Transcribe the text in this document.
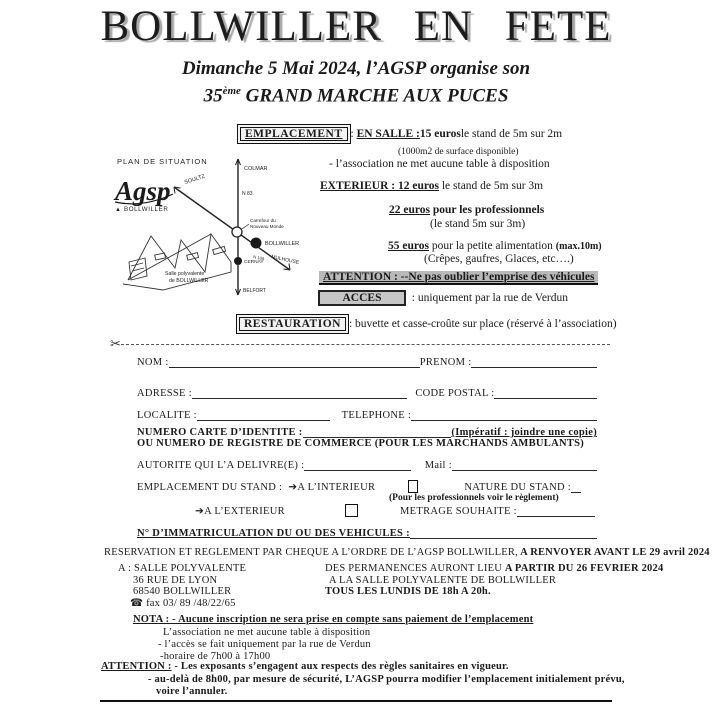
BOLLWILLER EN FETE
Dimanche 5 Mai 2024, l’AGSP organise son
35ème GRAND MARCHE AUX PUCES
PLAN DE SITUATION
Agsp
▲ BOLLWILLER
COLMAR
N 83
BELFORT
SOULTZ
Carrefour du
Nouveau Monde
BOLLWILLER
N 109 MULHOUSE
CERNAY
Salle polyvalente
de BOLLWILLER
EMPLACEMENT :
EN SALLE : 15 euros le stand de 5m sur 2m
(1000m2 de surface disponible)
- l’association ne met aucune table à disposition
EXTERIEUR : 12 euros le stand de 5m sur 3m
22 euros pour les professionnels
(le stand 5m sur 3m)
55 euros pour la petite alimentation (max.10m)
(Crêpes, gaufres, Glaces, etc….)
ATTENTION : --Ne pas oublier l’emprise des véhicules
ACCES
	: uniquement par la rue de Verdun
RESTAURATION : buvette et casse-croûte sur place (réservé à l’association)
✂
NOM :	PRENOM :
ADRESSE :	CODE POSTAL :
LOCALITE :	TELEPHONE :
NUMERO CARTE D’IDENTITE :	(Impératif : joindre une copie)
OU NUMERO DE REGISTRE DE COMMERCE (POUR LES MARCHANDS AMBULANTS)
AUTORITE QUI L’A DELIVRE(E) :	Mail :
EMPLACEMENT DU STAND : ➔A L’INTERIEUR	NATURE DU STAND :
(Pour les professionnels voir le règlement)
➔A L’EXTERIEUR	METRAGE SOUHAITE :
N° D’IMMATRICULATION DU OU DES VEHICULES :
RESERVATION ET REGLEMENT PAR CHEQUE A L’ORDRE DE L’AGSP BOLLWILLER, A RENVOYER AVANT LE 29 avril 2024
A : SALLE POLYVALENTE
36 RUE DE LYON
68540 BOLLWILLER
☎ fax 03/ 89 /48/22/65
DES PERMANENCES AURONT LIEU A PARTIR DU 26 FEVRIER 2024
A LA SALLE POLYVALENTE DE BOLLWILLER
TOUS LES LUNDIS DE 18h A 20h.
NOTA : - Aucune inscription ne sera prise en compte sans paiement de l’emplacement
L’association ne met aucune table à disposition
- l’accès se fait uniquement par la rue de Verdun
-horaire de 7h00 à 17h00
ATTENTION : - Les exposants s’engagent aux respects des règles sanitaires en vigueur.
- au-delà de 8h00, par mesure de sécurité, L’AGSP pourra modifier l’emplacement initialement prévu,
voire l’annuler.
